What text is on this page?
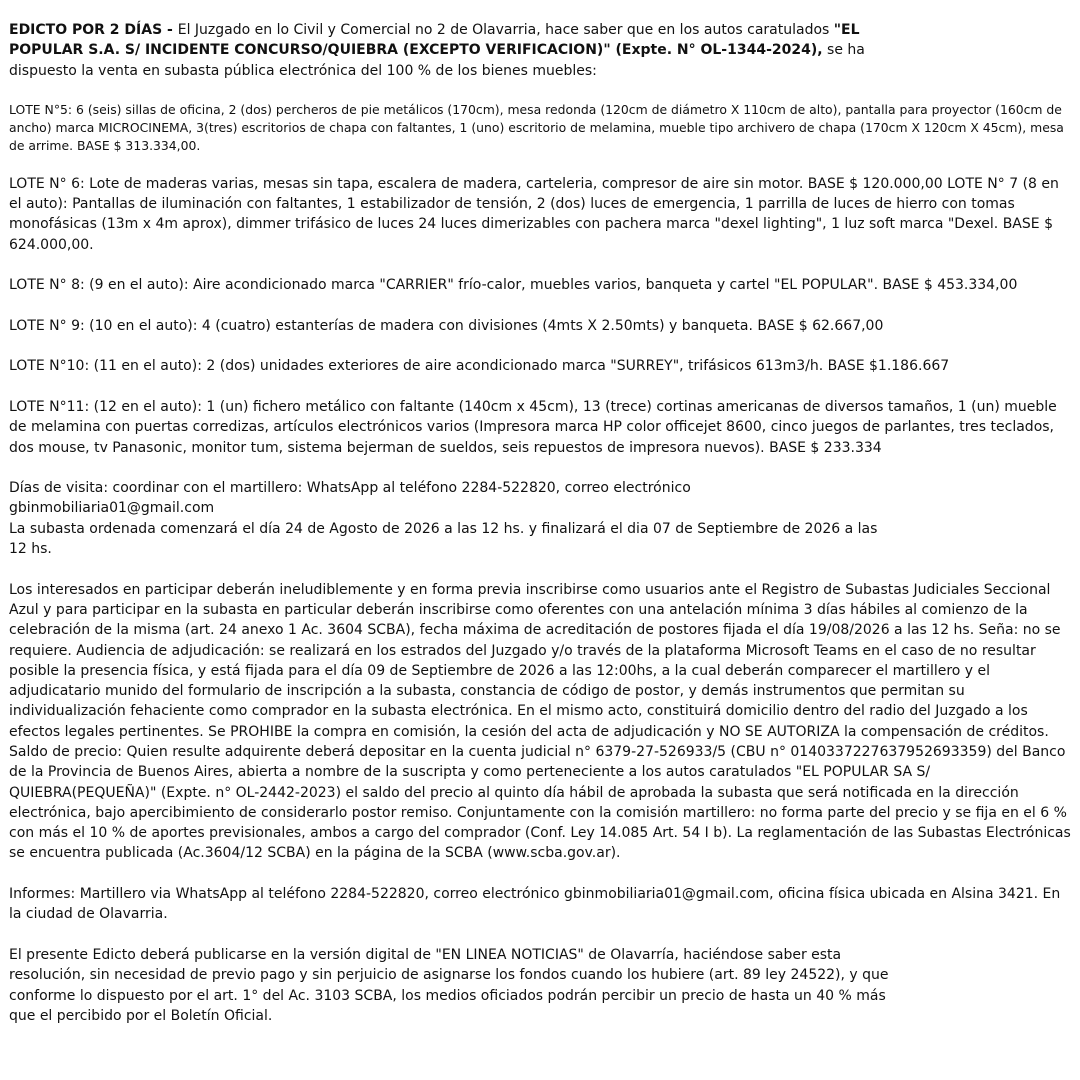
EDICTO POR 2 DÍAS - El Juzgado en lo Civil y Comercial no 2 de Olavarria, hace saber que en los autos caratulados "EL POPULAR S.A. S/ INCIDENTE CONCURSO/QUIEBRA (EXCEPTO VERIFICACION)" (Expte. N° OL-1344-2024), se ha dispuesto la venta en subasta pública electrónica del 100 % de los bienes muebles:

LOTE N°5: 6 (seis) sillas de oficina, 2 (dos) percheros de pie metálicos (170cm), mesa redonda (120cm de diámetro X 110cm de alto), pantalla para proyector (160cm de ancho) marca MICROCINEMA, 3(tres) escritorios de chapa con faltantes, 1 (uno) escritorio de melamina, mueble tipo archivero de chapa (170cm X 120cm X 45cm), mesa de arrime. BASE $ 313.334,00.

LOTE N° 6: Lote de maderas varias, mesas sin tapa, escalera de madera, carteleria, compresor de aire sin motor. BASE $ 120.000,00 LOTE N° 7 (8 en el auto): Pantallas de iluminación con faltantes, 1 estabilizador de tensión, 2 (dos) luces de emergencia, 1 parrilla de luces de hierro con tomas monofásicas (13m x 4m aprox), dimmer trifásico de luces 24 luces dimerizables con pachera marca "dexel lighting", 1 luz soft marca "Dexel. BASE $ 624.000,00.

LOTE N° 8: (9 en el auto): Aire acondicionado marca "CARRIER" frío-calor, muebles varios, banqueta y cartel "EL POPULAR". BASE $ 453.334,00

LOTE N° 9: (10 en el auto): 4 (cuatro) estanterías de madera con divisiones (4mts X 2.50mts) y banqueta. BASE $ 62.667,00

LOTE N°10: (11 en el auto): 2 (dos) unidades exteriores de aire acondicionado marca "SURREY", trifásicos 613m3/h. BASE $1.186.667

LOTE N°11: (12 en el auto): 1 (un) fichero metálico con faltante (140cm x 45cm), 13 (trece) cortinas americanas de diversos tamaños, 1 (un) mueble de melamina con puertas corredizas, artículos electrónicos varios (Impresora marca HP color officejet 8600, cinco juegos de parlantes, tres teclados, dos mouse, tv Panasonic, monitor tum, sistema bejerman de sueldos, seis repuestos de impresora nuevos). BASE $ 233.334

Días de visita: coordinar con el martillero: WhatsApp al teléfono 2284-522820, correo electrónico gbinmobiliaria01@gmail.com
La subasta ordenada comenzará el día 24 de Agosto de 2026 a las 12 hs. y finalizará el dia 07 de Septiembre de 2026 a las 12 hs.

Los interesados en participar deberán ineludiblemente y en forma previa inscribirse como usuarios ante el Registro de Subastas Judiciales Seccional Azul y para participar en la subasta en particular deberán inscribirse como oferentes con una antelación mínima 3 días hábiles al comienzo de la celebración de la misma (art. 24 anexo 1 Ac. 3604 SCBA), fecha máxima de acreditación de postores fijada el día 19/08/2026 a las 12 hs. Seña: no se requiere. Audiencia de adjudicación: se realizará en los estrados del Juzgado y/o través de la plataforma Microsoft Teams en el caso de no resultar posible la presencia física, y está fijada para el día 09 de Septiembre de 2026 a las 12:00hs, a la cual deberán comparecer el martillero y el adjudicatario munido del formulario de inscripción a la subasta, constancia de código de postor, y demás instrumentos que permitan su individualización fehaciente como comprador en la subasta electrónica. En el mismo acto, constituirá domicilio dentro del radio del Juzgado a los efectos legales pertinentes. Se PROHIBE la compra en comisión, la cesión del acta de adjudicación y NO SE AUTORIZA la compensación de créditos. Saldo de precio: Quien resulte adquirente deberá depositar en la cuenta judicial n° 6379-27-526933/5 (CBU n° 0140337227637952693359) del Banco de la Provincia de Buenos Aires, abierta a nombre de la suscripta y como perteneciente a los autos caratulados "EL POPULAR SA S/ QUIEBRA(PEQUEÑA)" (Expte. n° OL-2442-2023) el saldo del precio al quinto día hábil de aprobada la subasta que será notificada en la dirección electrónica, bajo apercibimiento de considerarlo postor remiso. Conjuntamente con la comisión martillero: no forma parte del precio y se fija en el 6 % con más el 10 % de aportes previsionales, ambos a cargo del comprador (Conf. Ley 14.085 Art. 54 I b). La reglamentación de las Subastas Electrónicas se encuentra publicada (Ac.3604/12 SCBA) en la página de la SCBA (www.scba.gov.ar).

Informes: Martillero via WhatsApp al teléfono 2284-522820, correo electrónico gbinmobiliaria01@gmail.com, oficina física ubicada en Alsina 3421. En la ciudad de Olavarria.

El presente Edicto deberá publicarse en la versión digital de "EN LINEA NOTICIAS" de Olavarría, haciéndose saber esta resolución, sin necesidad de previo pago y sin perjuicio de asignarse los fondos cuando los hubiere (art. 89 ley 24522), y que conforme lo dispuesto por el art. 1° del Ac. 3103 SCBA, los medios oficiados podrán percibir un precio de hasta un 40 % más que el percibido por el Boletín Oficial.
